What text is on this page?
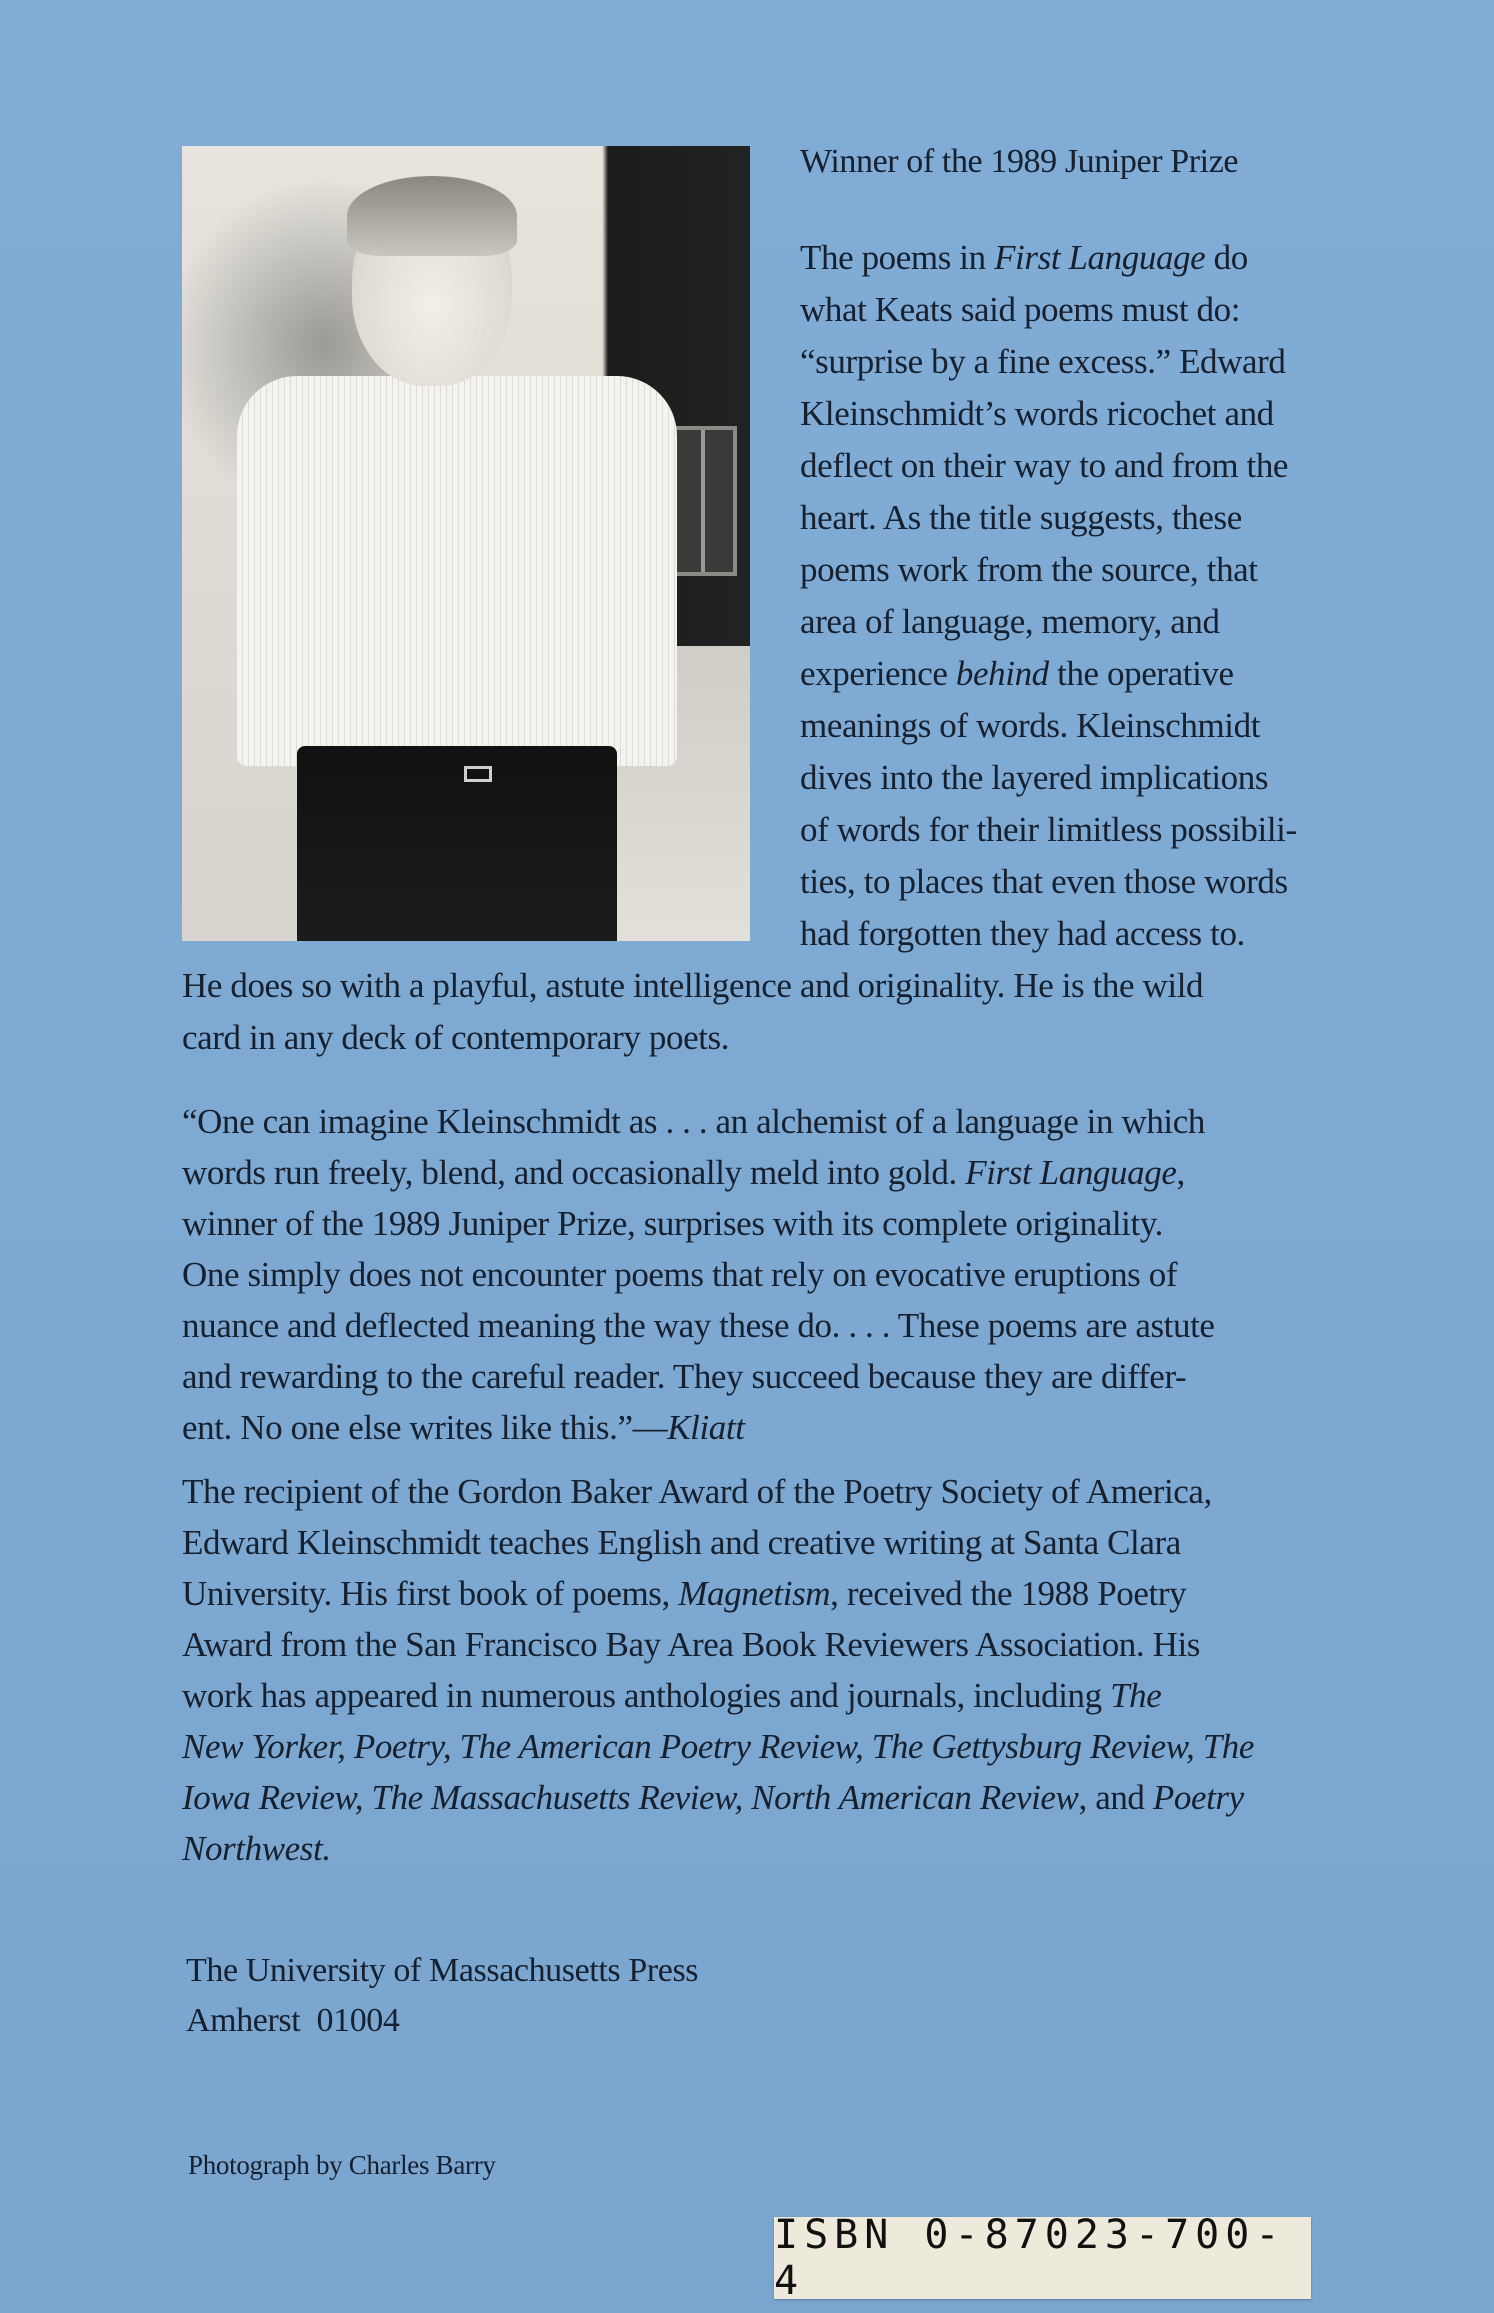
Winner of the 1989 Juniper Prize
The poems in First Language do
what Keats said poems must do:
“surprise by a fine excess.” Edward
Kleinschmidt’s words ricochet and
deflect on their way to and from the
heart. As the title suggests, these
poems work from the source, that
area of language, memory, and
experience behind the operative
meanings of words. Kleinschmidt
dives into the layered implications
of words for their limitless possibili-
ties, to places that even those words
had forgotten they had access to.
He does so with a playful, astute intelligence and originality. He is the wild
card in any deck of contemporary poets.
“One can imagine Kleinschmidt as . . . an alchemist of a language in which
words run freely, blend, and occasionally meld into gold. First Language,
winner of the 1989 Juniper Prize, surprises with its complete originality.
One simply does not encounter poems that rely on evocative eruptions of
nuance and deflected meaning the way these do. . . . These poems are astute
and rewarding to the careful reader. They succeed because they are differ-
ent. No one else writes like this.”—Kliatt
The recipient of the Gordon Baker Award of the Poetry Society of America,
Edward Kleinschmidt teaches English and creative writing at Santa Clara
University. His first book of poems, Magnetism, received the 1988 Poetry
Award from the San Francisco Bay Area Book Reviewers Association. His
work has appeared in numerous anthologies and journals, including The
New Yorker, Poetry, The American Poetry Review, The Gettysburg Review, The
Iowa Review, The Massachusetts Review, North American Review, and Poetry
Northwest.
The University of Massachusetts Press
Amherst  01004
Photograph by Charles Barry
ISBN 0-87023-700-4
